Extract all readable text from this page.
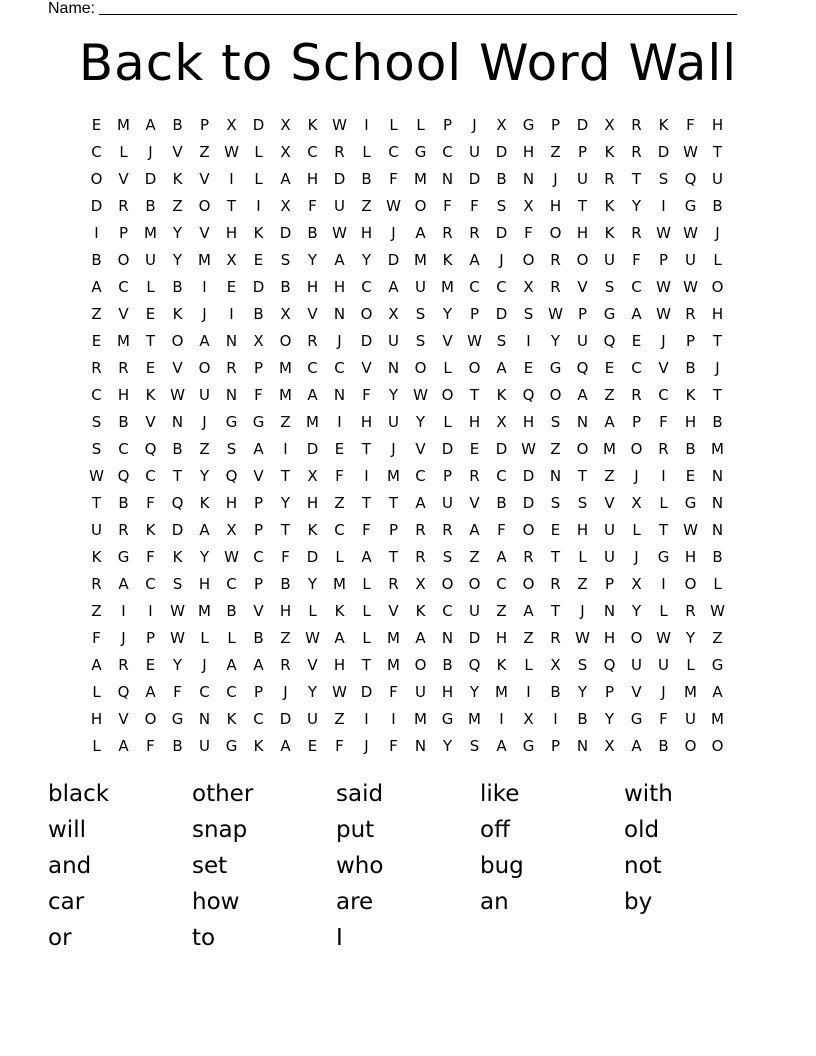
Name:
Back to School Word Wall
E	M	A	B	P	X	D	X	K W	I	L	L	P	J	X	G	P	D	X	R	K	F	H
C	L	J	V	Z W	L	X	C	R	L	C	G	C	U	D	H	Z	P	K	R	D W T
O	V	D	K	V	I	L	A	H	D	B	F	M N	D	B	N	J	U	R	T	S	Q	U
D	R	B	Z	O	T	I	X	F	U	Z W O	F	F	S	X	H	T	K	Y	I	G	B
I	P	M	Y	V	H	K	D	B W H	J	A	R	R	D	F	O	H	K	R W W	J
B	O	U	Y	M	X	E	S	Y	A	Y	D M	K	A	J	O	R	O	U	F	P	U	L
A	C	L	B	I	E	D	B	H	H	C	A	U	M	C	C	X	R	V	S	C W W O
Z	V	E	K	J	I	B	X	V	N	O	X	S	Y	P	D	S W	P	G	A W R	H
E	M	T	O	A	N	X	O	R	J	D	U	S	V W S	I	Y	U	Q	E	J	P	T
R	R	E	V	O	R	P	M	C	C	V	N	O	L	O	A	E	G	Q	E	C	V	B	J
C	H	K W U	N	F	M	A	N	F	Y	W O	T	K	Q	O	A	Z	R	C	K	T
S	B	V	N	J	G	G	Z	M	I	H	U	Y	L	H	X	H	S	N	A	P	F	H	B
S	C	Q	B	Z	S	A	I	D	E	T	J	V	D	E	D W Z	O M O	R	B	M
W Q	C	T	Y	Q	V	T	X	F	I	M	C	P	R	C	D	N	T	Z	J	I	E	N
T	B	F	Q	K	H	P	Y	H	Z	T	T	A	U	V	B	D	S	S	V	X	L	G	N
U	R	K	D	A	X	P	T	K	C	F	P	R	R	A	F	O	E	H	U	L	T	W N
K	G	F	K	Y	W C	F	D	L	A	T	R	S	Z	A	R	T	L	U	J	G	H	B
R	A	C	S	H	C	P	B	Y	M	L	R	X	O	O	C	O	R	Z	P	X	I	O	L
Z	I	I	W M	B	V	H	L	K	L	V	K	C	U	Z	A	T	J	N	Y	L	R W
F	J	P	W	L	L	B	Z W A	L	M	A	N	D	H	Z	R W H	O W Y	Z
A	R	E	Y	J	A	A	R	V	H	T	M O	B	Q	K	L	X	S	Q	U	U	L	G
L	Q	A	F	C	C	P	J	Y	W D	F	U	H	Y	M	I	B	Y	P	V	J	M	A
H	V	O	G	N	K	C	D	U	Z	I	I	M G M	I	X	I	B	Y	G	F	U	M
L	A	F	B	U	G	K	A	E	F	J	F	N	Y	S	A	G	P	N	X	A	B	O	O
black	other	said	like	with
will	snap	put	off	old
and	set	who	bug	not
car	how	are	an	by
or	to	I
